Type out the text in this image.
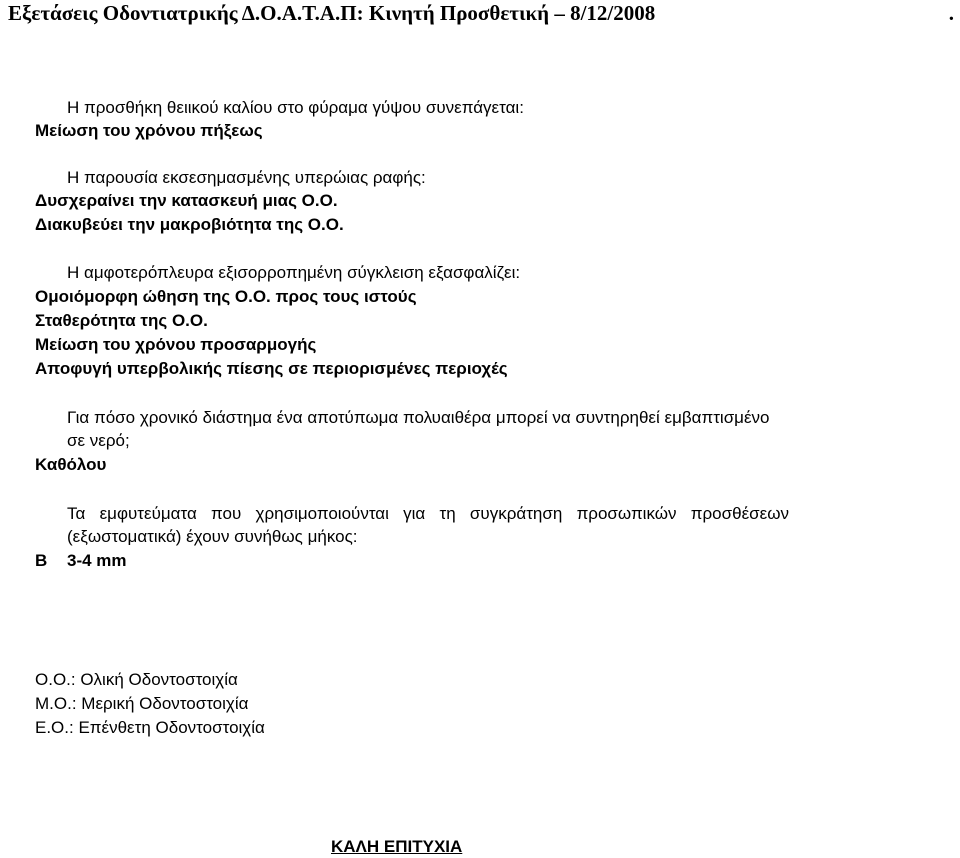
Εξετάσεις Οδοντιατρικής Δ.Ο.Α.Τ.Α.Π: Κινητή Προσθετική – 8/12/2008	.
Η προσθήκη θειικού καλίου στο φύραμα γύψου συνεπάγεται:
Μείωση του χρόνου πήξεως
Η παρουσία εκσεσημασμένης υπερώιας ραφής:
Δυσχεραίνει την κατασκευή μιας Ο.Ο.
Διακυβεύει την μακροβιότητα της Ο.Ο.
Η αμφοτερόπλευρα εξισορροπημένη σύγκλειση εξασφαλίζει:
Ομοιόμορφη ώθηση της Ο.Ο. προς τους ιστούς
Σταθερότητα της Ο.Ο.
Μείωση του χρόνου προσαρμογής
Αποφυγή υπερβολικής πίεσης σε περιορισμένες περιοχές
Για πόσο χρονικό διάστημα ένα αποτύπωμα πολυαιθέρα μπορεί να συντηρηθεί εμβαπτισμένο
σε νερό;
Καθόλου
Τα εμφυτεύματα που χρησιμοποιούνται για τη συγκράτηση προσωπικών προσθέσεων
(εξωστοματικά) έχουν συνήθως μήκος:
Β 3-4 mm
Ο.Ο.: Ολική Οδοντοστοιχία
Μ.Ο.: Μερική Οδοντοστοιχία
Ε.Ο.: Επένθετη Οδοντοστοιχία
ΚΑΛΗ ΕΠΙΤΥΧΙΑ
